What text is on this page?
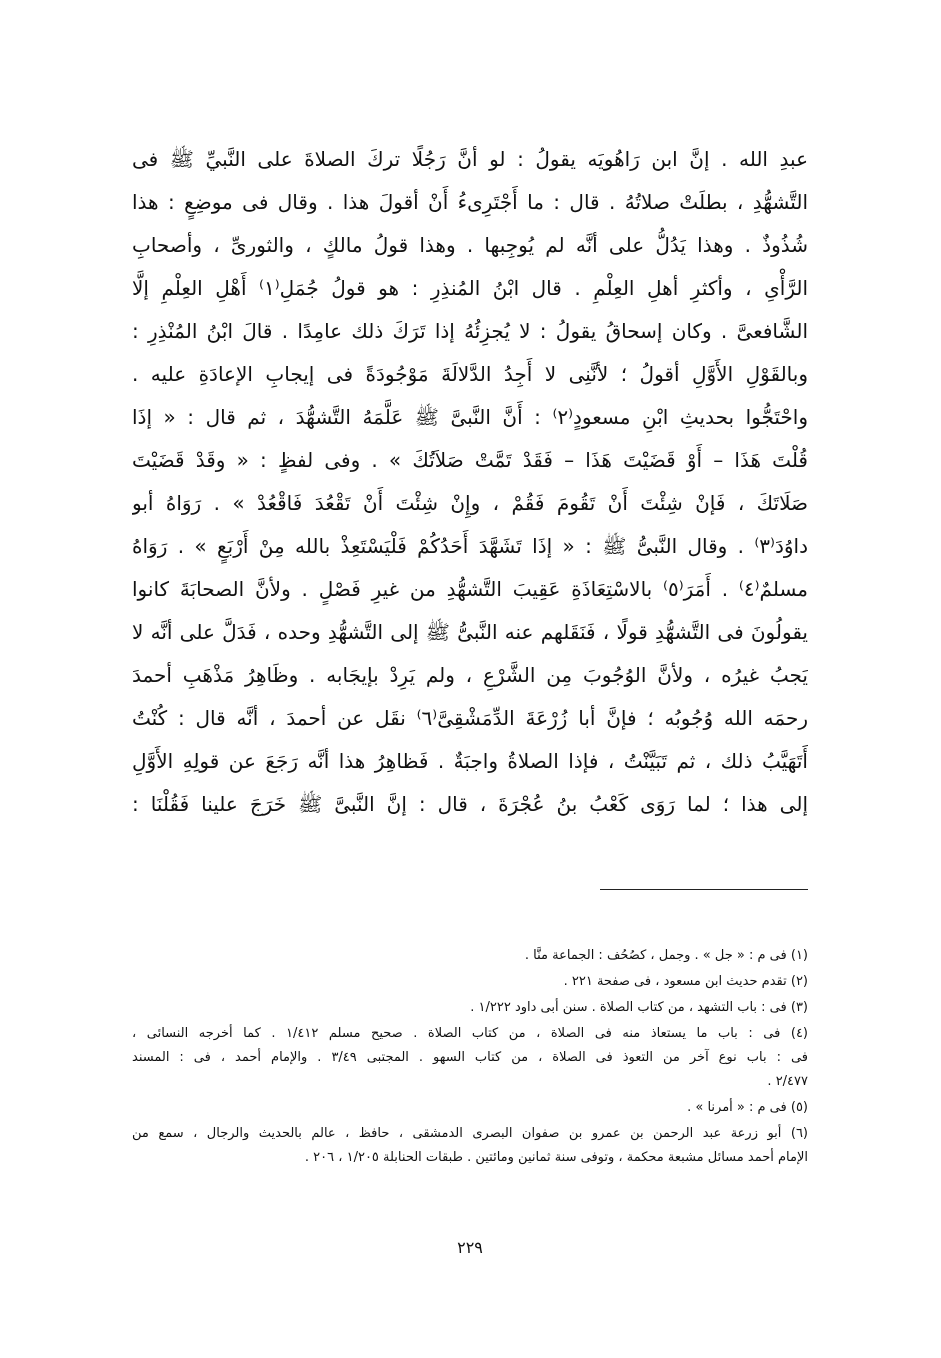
عبدِ الله . إنَّ ابن رَاهُويَه يقولُ : لو أنَّ رَجُلًا تركَ الصلاةَ على النَّبيِّ ﷺ فى
التَّشهُّدِ ، بطلَتْ صلاتُهُ . قال : ما أَجْتَرِىءُ أَنْ أقولَ هذا . وقال فى موضِعٍ : هذا
شُذُوذٌ . وهذا يَدُلُّ على أنَّه لم يُوجِبها . وهذا قولُ مالكٍ ، والثورىِّ ، وأصحابِ
الرَّأْىِ ، وأكثرِ أهلِ العِلْمِ . قال ابْنُ المُنذِرِ : هو قولُ جُمَلِ⁽١⁾ أَهْلِ العِلْمِ إلَّا
الشَّافعىَّ . وكان إسحاقُ يقولُ : لا يُجزِئُهُ إذا تَرَكَ ذلك عامِدًا . قالَ ابْنُ المُنْذِرِ :
وبالقَوْلِ الأَوَّلِ أقولُ ؛ لأنَّنِى لا أَجِدُ الدَّلالَةَ مَوْجُودَةً فى إيجابِ الإعادَةِ عليه .
واحْتَجُّوا بحديثِ ابْنِ مسعودٍ⁽٢⁾ : أَنَّ النَّبىَّ ﷺ عَلَّمَهُ التَّشهُّدَ ، ثم قال : « إذَا
قُلْتَ هَذَا – أَوْ قَضَيْتَ هَذَا – فَقَدْ تَمَّتْ صَلاَتُكَ » . وفى لفظٍ : « وقَدْ قَضَيْتَ
صَلَاتَكَ ، فَإنْ شِئْتَ أَنْ تَقُومَ فَقُمْ ، وإِنْ شِئْتَ أَنْ تَقْعُدَ فَاقْعُدْ » . رَوَاهُ أبو
داوُدَ⁽٣⁾ . وقال النَّبىُّ ﷺ : « إذَا تَشَهَّدَ أَحَدُكُمْ فَلْيَسْتَعِذْ بالله مِنْ أَرْبَعٍ » . رَوَاهُ
مسلمٌ⁽٤⁾ . أَمَرَ⁽٥⁾ بالاسْتِعَاذَةِ عَقِيبَ التَّشهُّدِ من غيرِ فَصْلٍ . ولأنَّ الصحابَةَ كانوا
يقولُونَ فى التَّشهُّدِ قولًا ، فَنَقَلهم عنه النَّبىُّ ﷺ إلى التَّشهُّدِ وحده ، فَدَلَّ على أنَّه لا
يَجبُ غيرُه ، ولأنَّ الوُجُوبَ مِن الشَّرْعِ ، ولم يَرِدْ بإيجَابه . وظَاهِرُ مَذْهَبِ أحمدَ
رحمَه الله وُجُوبُه ؛ فإنَّ أبا زُرْعَةَ الدِّمَشْقِىَّ⁽٦⁾ نقَل عن أحمدَ ، أنَّه قال : كُنْتُ
أَتَهَيَّبُ ذلك ، ثم تَبَيَّنْتُ ، فإذا الصلاةُ واجبَةٌ . فَظاهِرُ هذا أنَّه رَجَعَ عن قولِهِ الأَوَّلِ
إلى هذا ؛ لما رَوَى كَعْبُ بنُ عُجْرَةَ ، قال : إنَّ النَّبىَّ ﷺ خَرَجَ علينا فَقُلْنَا :
(١) فى م : « جل » . وجمل ، كصُحُف : الجماعة منَّا .
(٢) تقدم حديث ابن مسعود ، فى صفحة ٢٢١ .
(٣) فى : باب التشهد ، من كتاب الصلاة . سنن أبى داود ١/٢٢٢ .
(٤) فى : باب ما يستعاذ منه فى الصلاة ، من كتاب الصلاة . صحيح مسلم ١/٤١٢ . كما أخرجه النسائى ،
فى : باب نوع آخر من التعوذ فى الصلاة ، من كتاب السهو . المجتبى ٣/٤٩ . والإمام أحمد ، فى : المسند
٢/٤٧٧ .
(٥) فى م : « أمرنا » .
(٦) أبو زرعة عبد الرحمن بن عمرو بن صفوان البصرى الدمشقى ، حافظ ، عالم بالحديث والرجال ، سمع من
الإمام أحمد مسائل مشبعة محكمة ، وتوفى سنة ثمانين ومائتين . طبقات الحنابلة ١/٢٠٥ ، ٢٠٦ .
٢٢٩
